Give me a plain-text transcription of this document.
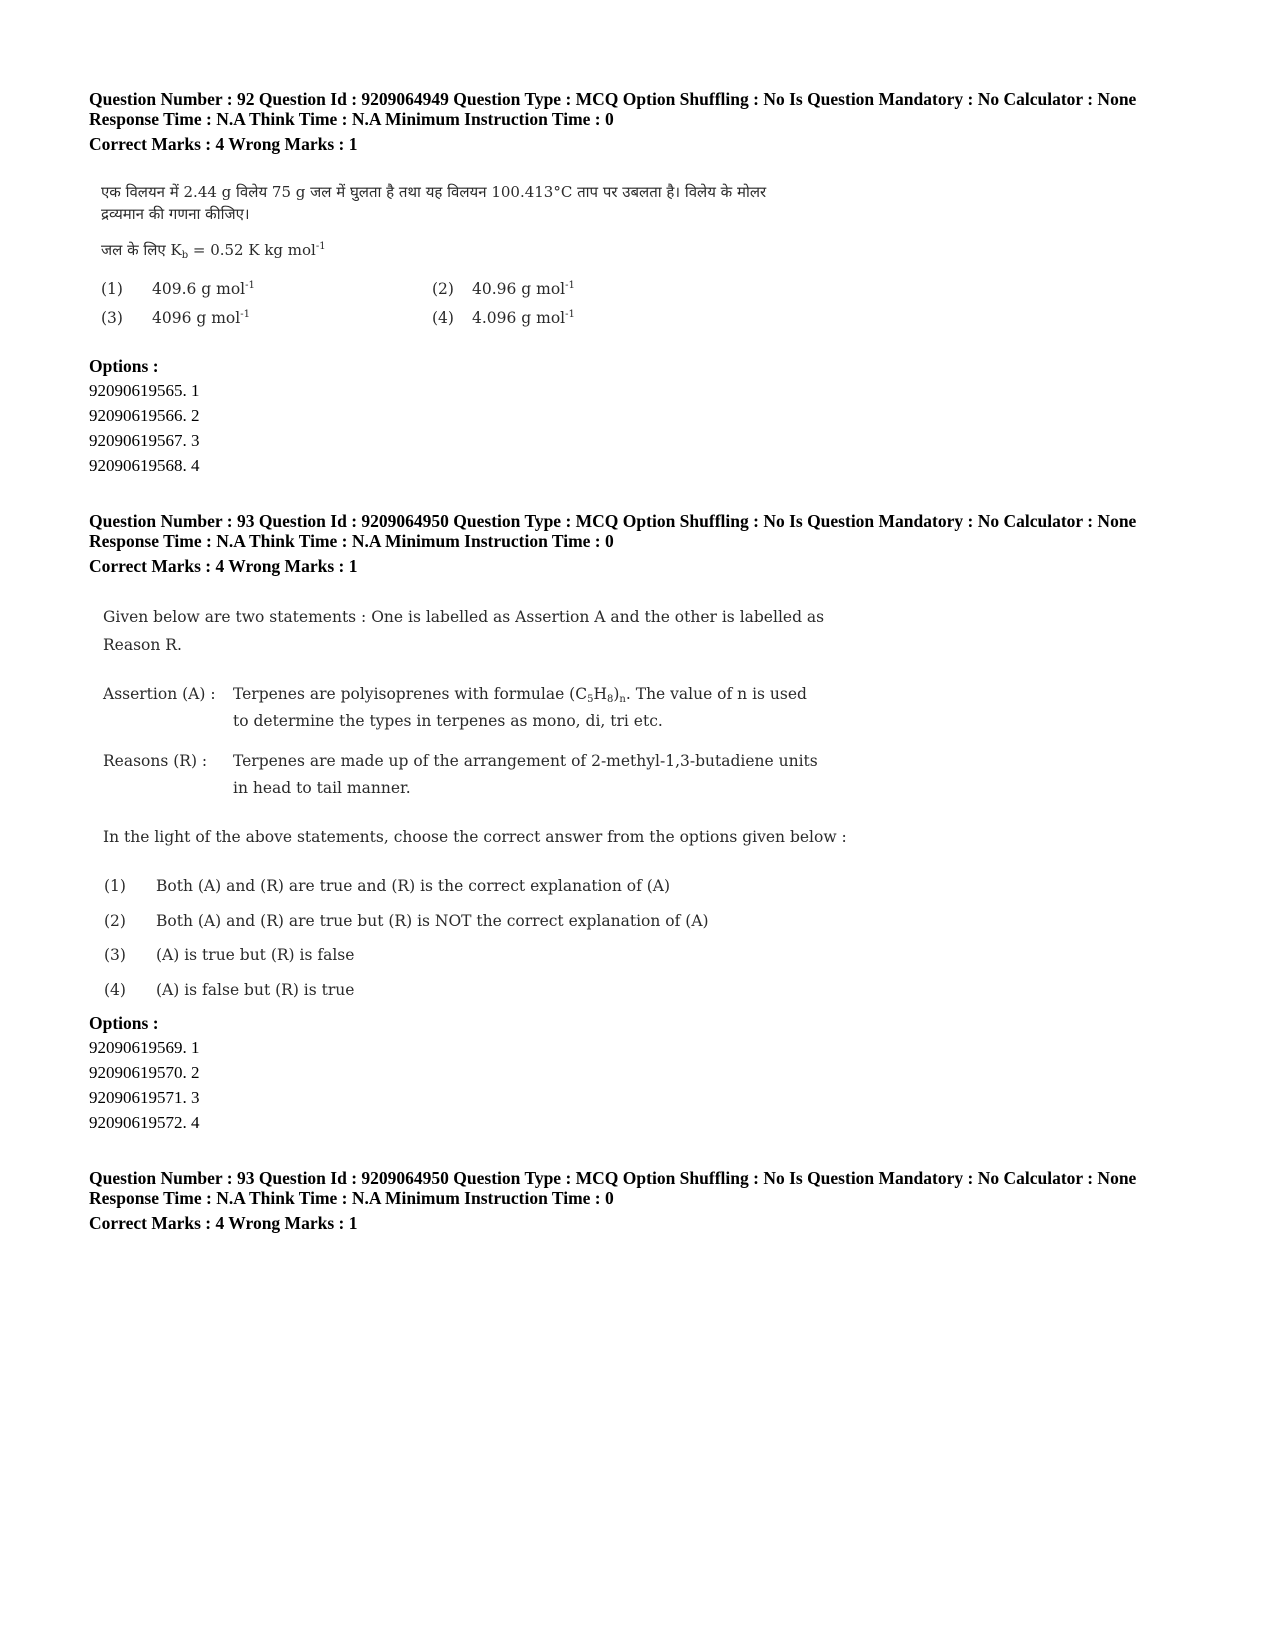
Question Number : 92 Question Id : 9209064949 Question Type : MCQ Option Shuffling : No Is Question Mandatory : No Calculator : None
Response Time : N.A Think Time : N.A Minimum Instruction Time : 0
Correct Marks : 4 Wrong Marks : 1
एक विलयन में 2.44 g विलेय 75 g जल में घुलता है तथा यह विलयन 100.413°C ताप पर उबलता है। विलेय के मोलर
द्रव्यमान की गणना कीजिए।
जल के लिए $K_b = 0.52$ K kg mol$^{-1}$
(1) 409.6 g mol$^{-1}$	(2) 40.96 g mol$^{-1}$
(3) 4096 g mol$^{-1}$	(4) 4.096 g mol$^{-1}$
Options :
92090619565. 1
92090619566. 2
92090619567. 3
92090619568. 4
Question Number : 93 Question Id : 9209064950 Question Type : MCQ Option Shuffling : No Is Question Mandatory : No Calculator : None
Response Time : N.A Think Time : N.A Minimum Instruction Time : 0
Correct Marks : 4 Wrong Marks : 1
Given below are two statements : One is labelled as Assertion A and the other is labelled as
Reason R.
Assertion (A) : Terpenes are polyisoprenes with formulae $(C_5H_8)_n$. The value of n is used
to determine the types in terpenes as mono, di, tri etc.
Reasons (R) : Terpenes are made up of the arrangement of 2-methyl-1,3-butadiene units
in head to tail manner.
In the light of the above statements, choose the correct answer from the options given below :
(1) Both (A) and (R) are true and (R) is the correct explanation of (A)
(2) Both (A) and (R) are true but (R) is NOT the correct explanation of (A)
(3) (A) is true but (R) is false
(4) (A) is false but (R) is true
Options :
92090619569. 1
92090619570. 2
92090619571. 3
92090619572. 4
Question Number : 93 Question Id : 9209064950 Question Type : MCQ Option Shuffling : No Is Question Mandatory : No Calculator : None
Response Time : N.A Think Time : N.A Minimum Instruction Time : 0
Correct Marks : 4 Wrong Marks : 1
